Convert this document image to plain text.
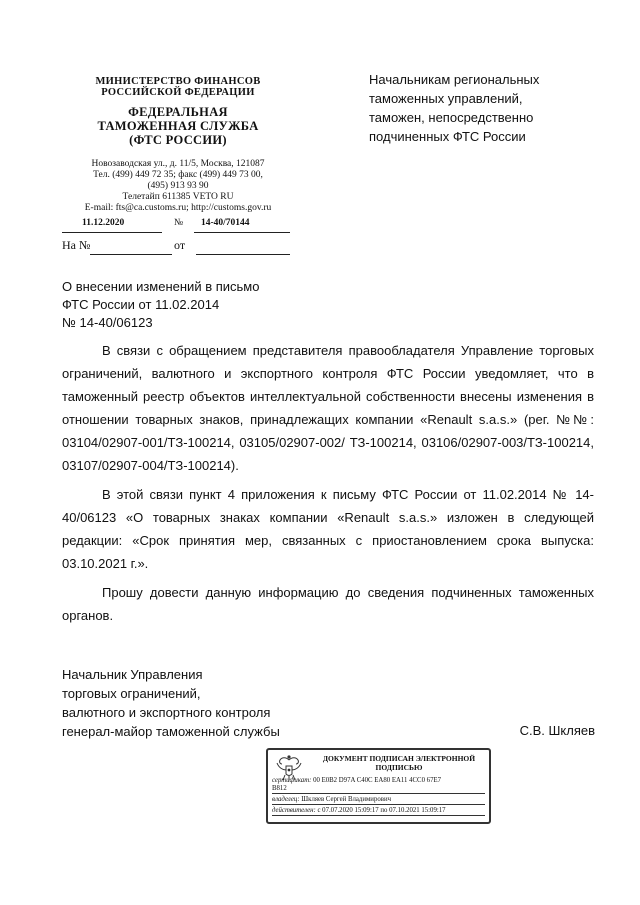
МИНИСТЕРСТВО ФИНАНСОВ
РОССИЙСКОЙ ФЕДЕРАЦИИ
ФЕДЕРАЛЬНАЯ
ТАМОЖЕННАЯ СЛУЖБА
(ФТС РОССИИ)
Новозаводская ул., д. 11/5, Москва, 121087
Тел. (499) 449 72 35; факс (499) 449 73 00,
(495) 913 93 90
Телетайп 611385 VETO RU
E-mail: fts@ca.customs.ru; http://customs.gov.ru
11.12.2020	№ 14-40/70144
На №	от
Начальникам региональных
таможенных управлений,
таможен, непосредственно
подчиненных ФТС России
О внесении изменений в письмо
ФТС России от 11.02.2014
№ 14-40/06123

В связи с обращением представителя правообладателя Управление торговых ограничений, валютного и экспортного контроля ФТС России уведомляет, что в таможенный реестр объектов интеллектуальной собственности внесены изменения в отношении товарных знаков, принадлежащих компании «Renault s.a.s.» (рег. №№: 03104/02907-001/ТЗ-100214, 03105/02907-002/ ТЗ-100214, 03106/02907-003/ТЗ-100214, 03107/02907-004/ТЗ-100214).

В этой связи пункт 4 приложения к письму ФТС России от 11.02.2014 № 14-40/06123 «О товарных знаках компании «Renault s.a.s.» изложен в следующей редакции: «Срок принятия мер, связанных с приостановлением срока выпуска: 03.10.2021 г.».

Прошу довести данную информацию до сведения подчиненных таможенных органов.

Начальник Управления
торговых ограничений,
валютного и экспортного контроля
генерал-майор таможенной службы	С.В. Шкляев
ДОКУМЕНТ ПОДПИСАН ЭЛЕКТРОННОЙ
ПОДПИСЬЮ
сертификат: 00 E0B2 D97A C40C EA80 EA11 4CC0 67E7
B812
владелец: Шкляев Сергей Владимирович
действителен: с 07.07.2020 15:09:17 по 07.10.2021 15:09:17
